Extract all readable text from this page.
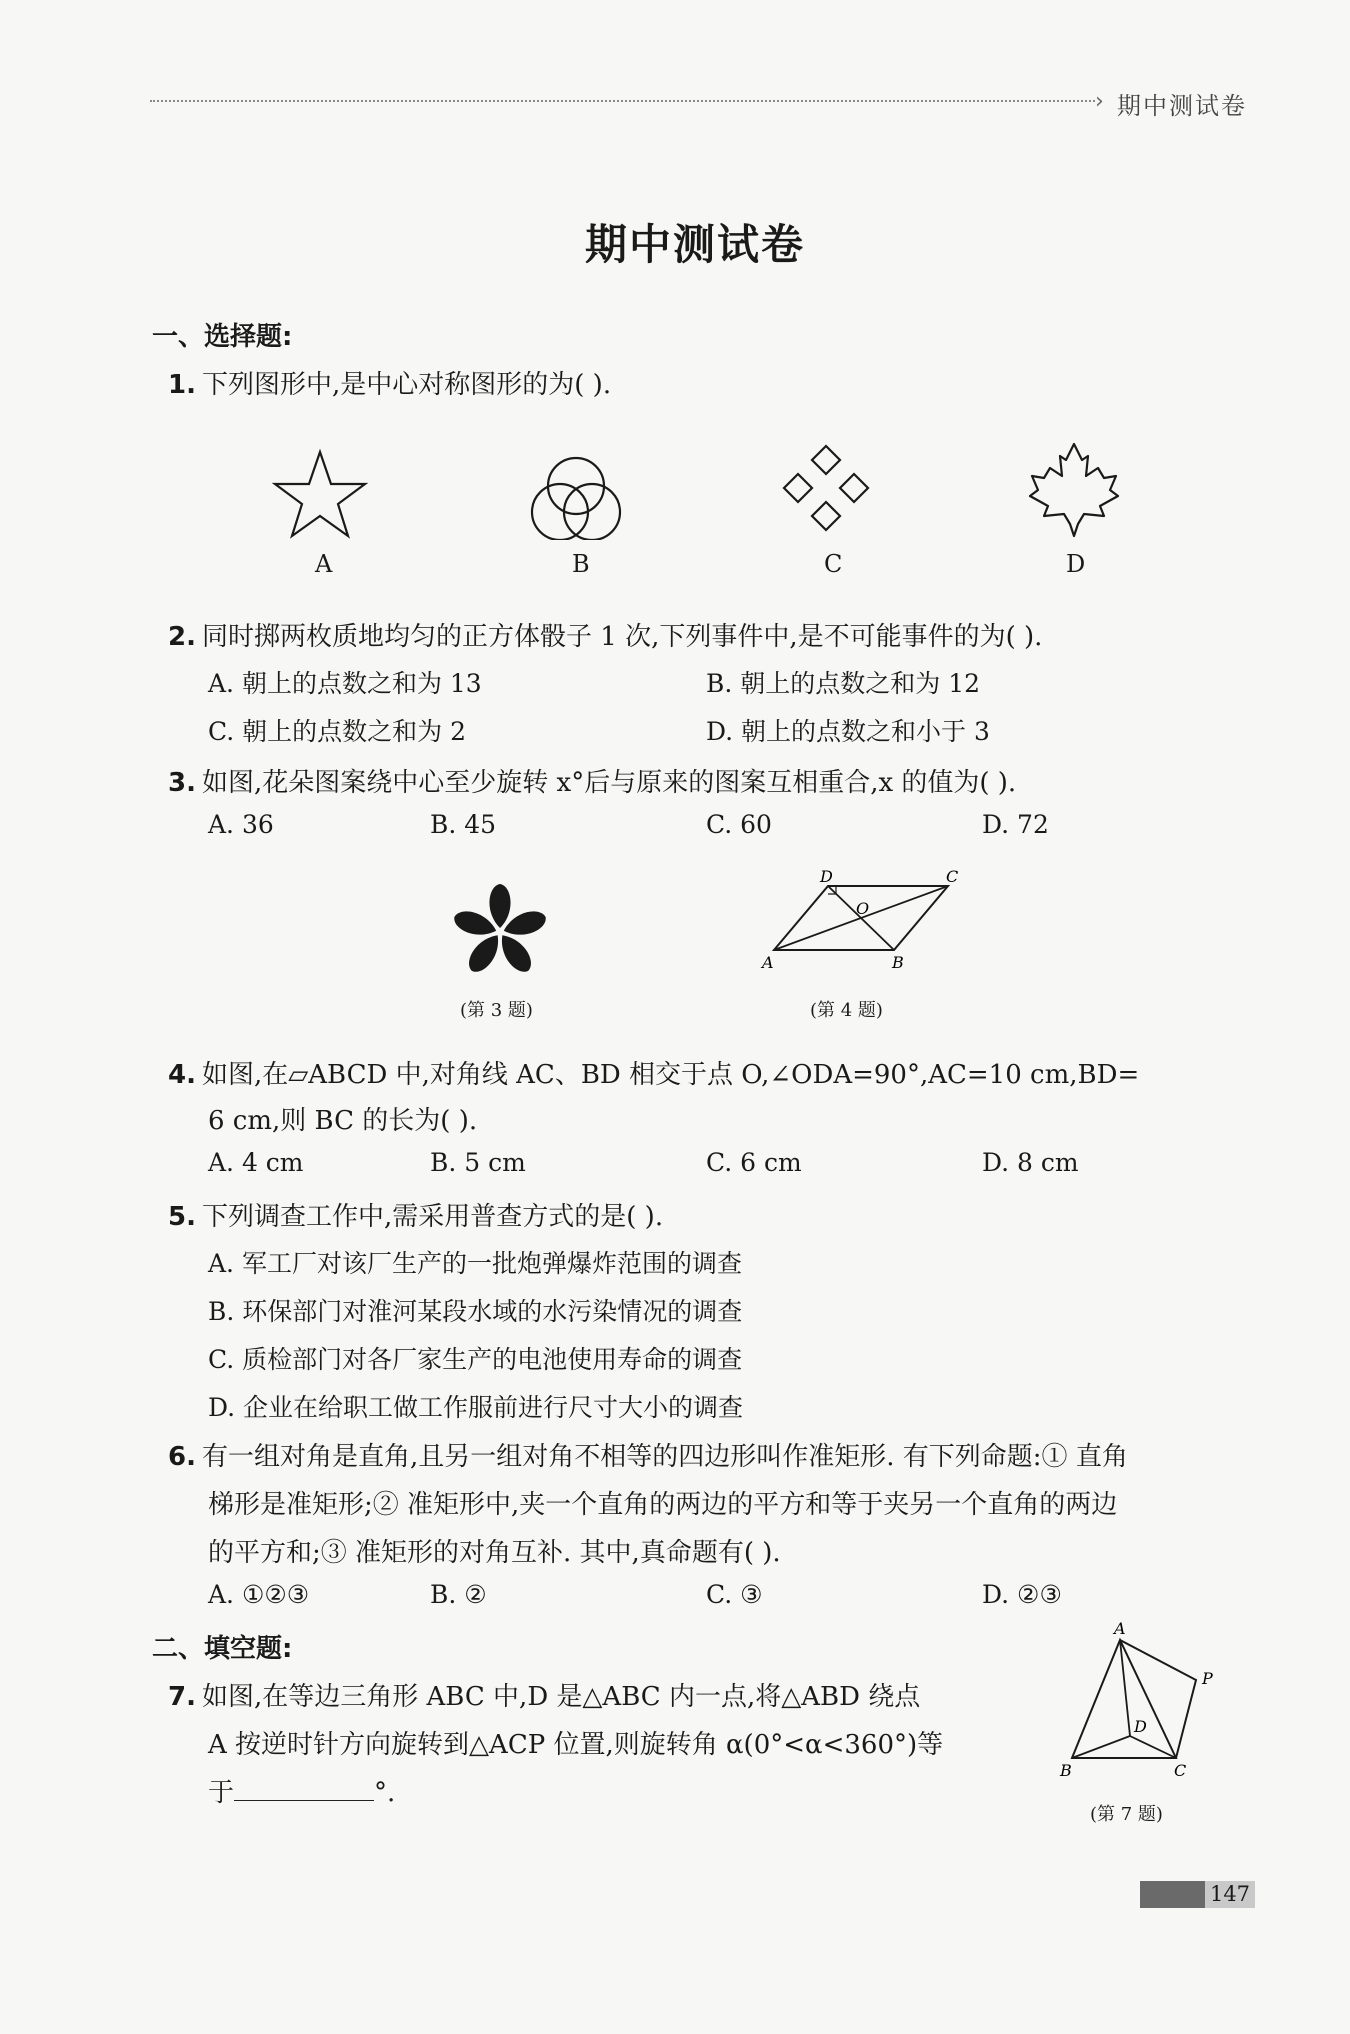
› 期中测试卷
期中测试卷
一、选择题:
1. 下列图形中,是中心对称图形的为( ).
A	B	C	D
2. 同时掷两枚质地均匀的正方体骰子 1 次,下列事件中,是不可能事件的为( ).
A. 朝上的点数之和为 13	B. 朝上的点数之和为 12
C. 朝上的点数之和为 2	D. 朝上的点数之和小于 3
3. 如图,花朵图案绕中心至少旋转 x°后与原来的图案互相重合,x 的值为( ).
A. 36	B. 45	C. 60	D. 72
D	C
O
A	B
(第 3 题)	(第 4 题)
4. 如图,在▱ABCD 中,对角线 AC、BD 相交于点 O,∠ODA=90°,AC=10 cm,BD=
6 cm,则 BC 的长为( ).
A. 4 cm	B. 5 cm	C. 6 cm	D. 8 cm
5. 下列调查工作中,需采用普查方式的是( ).
A. 军工厂对该厂生产的一批炮弹爆炸范围的调查
B. 环保部门对淮河某段水域的水污染情况的调查
C. 质检部门对各厂家生产的电池使用寿命的调查
D. 企业在给职工做工作服前进行尺寸大小的调查
6. 有一组对角是直角,且另一组对角不相等的四边形叫作准矩形. 有下列命题:① 直角
梯形是准矩形;② 准矩形中,夹一个直角的两边的平方和等于夹另一个直角的两边
的平方和;③ 准矩形的对角互补. 其中,真命题有( ).
A. ①②③	B. ②	C. ③	D. ②③
二、填空题:
7. 如图,在等边三角形 ABC 中,D 是△ABC 内一点,将△ABD 绕点
A 按逆时针方向旋转到△ACP 位置,则旋转角 α(0°<α<360°)等
于	°.
A
P
D
B	C
(第 7 题)
147
